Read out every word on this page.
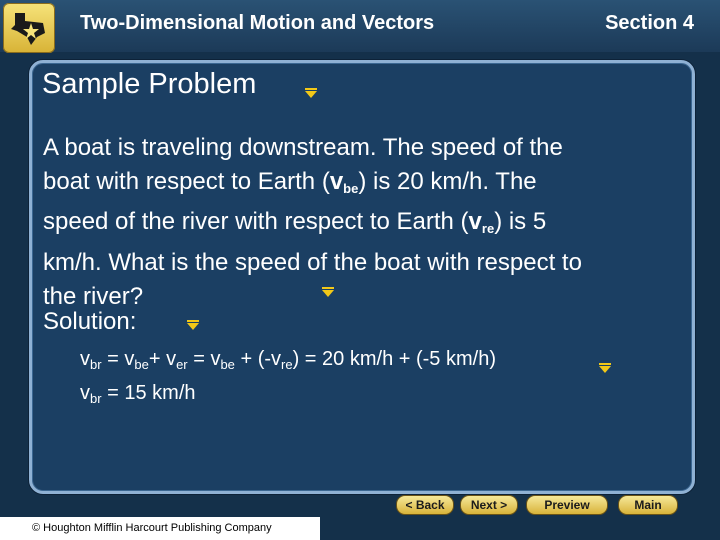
Two-Dimensional Motion and Vectors	Section 4
Sample Problem
A boat is traveling downstream. The speed of the
boat with respect to Earth $(v_{be})$ is 20 km/h. The
speed of the river with respect to Earth $(v_{re})$ is 5
km/h. What is the speed of the boat with respect to
the river?
Solution:
$v_{br} = v_{be}+ v_{er} = v_{be} + (-v_{re}) = 20$ km/h + (-5 km/h)
$v_{br} = 15$ km/h
< Back	Next >	Preview	Main
© Houghton Mifflin Harcourt Publishing Company
